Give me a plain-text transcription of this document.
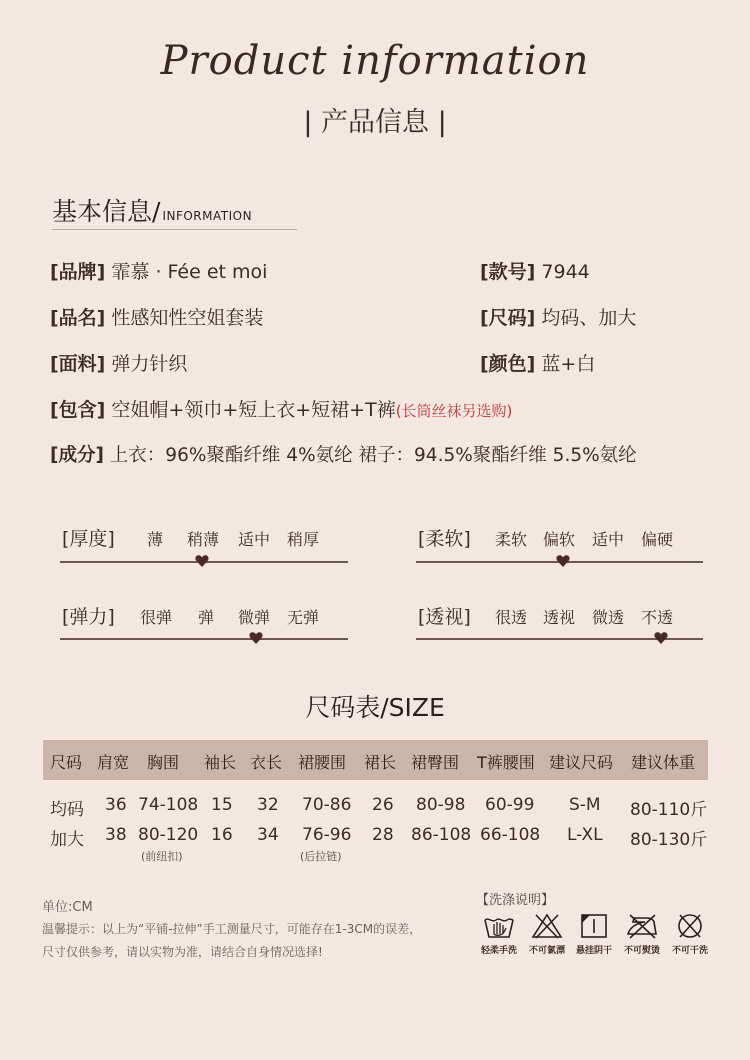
Product information
| 产品信息 |
基本信息/ INFORMATION
[品牌] 霏慕 · Fée et moi	[款号] 7944
[品名] 性感知性空姐套装	[尺码] 均码、加大
[面料] 弹力针织	[颜色] 蓝+白
[包含] 空姐帽+领巾+短上衣+短裙+T裤(长筒丝袜另选购)
[成分] 上衣：96%聚酯纤维 4%氨纶 裙子：94.5%聚酯纤维 5.5%氨纶
[厚度] 薄 稍薄 适中 稍厚	[柔软] 柔软 偏软 适中 偏硬
[弹力] 很弹 弹 微弹 无弹	[透视] 很透 透视 微透 不透
尺码表/SIZE
尺码 肩宽 胸围 袖长 衣长 裙腰围 裙长 裙臀围 T裤腰围 建议尺码 建议体重
均码 36 74-108 15 32 70-86 26 80-98 60-99 S-M 80-110斤
加大 38 80-120 16 34 76-96 28 86-108 66-108 L-XL 80-130斤
(前纽扣)	(后拉链)
单位:CM
温馨提示：以上为“平铺-拉伸”手工测量尺寸，可能存在1-3CM的误差，
尺寸仅供参考，请以实物为准，请结合自身情况选择!
【洗涤说明】
轻柔手洗	不可氯漂	悬挂阴干	不可熨烫	不可干洗
